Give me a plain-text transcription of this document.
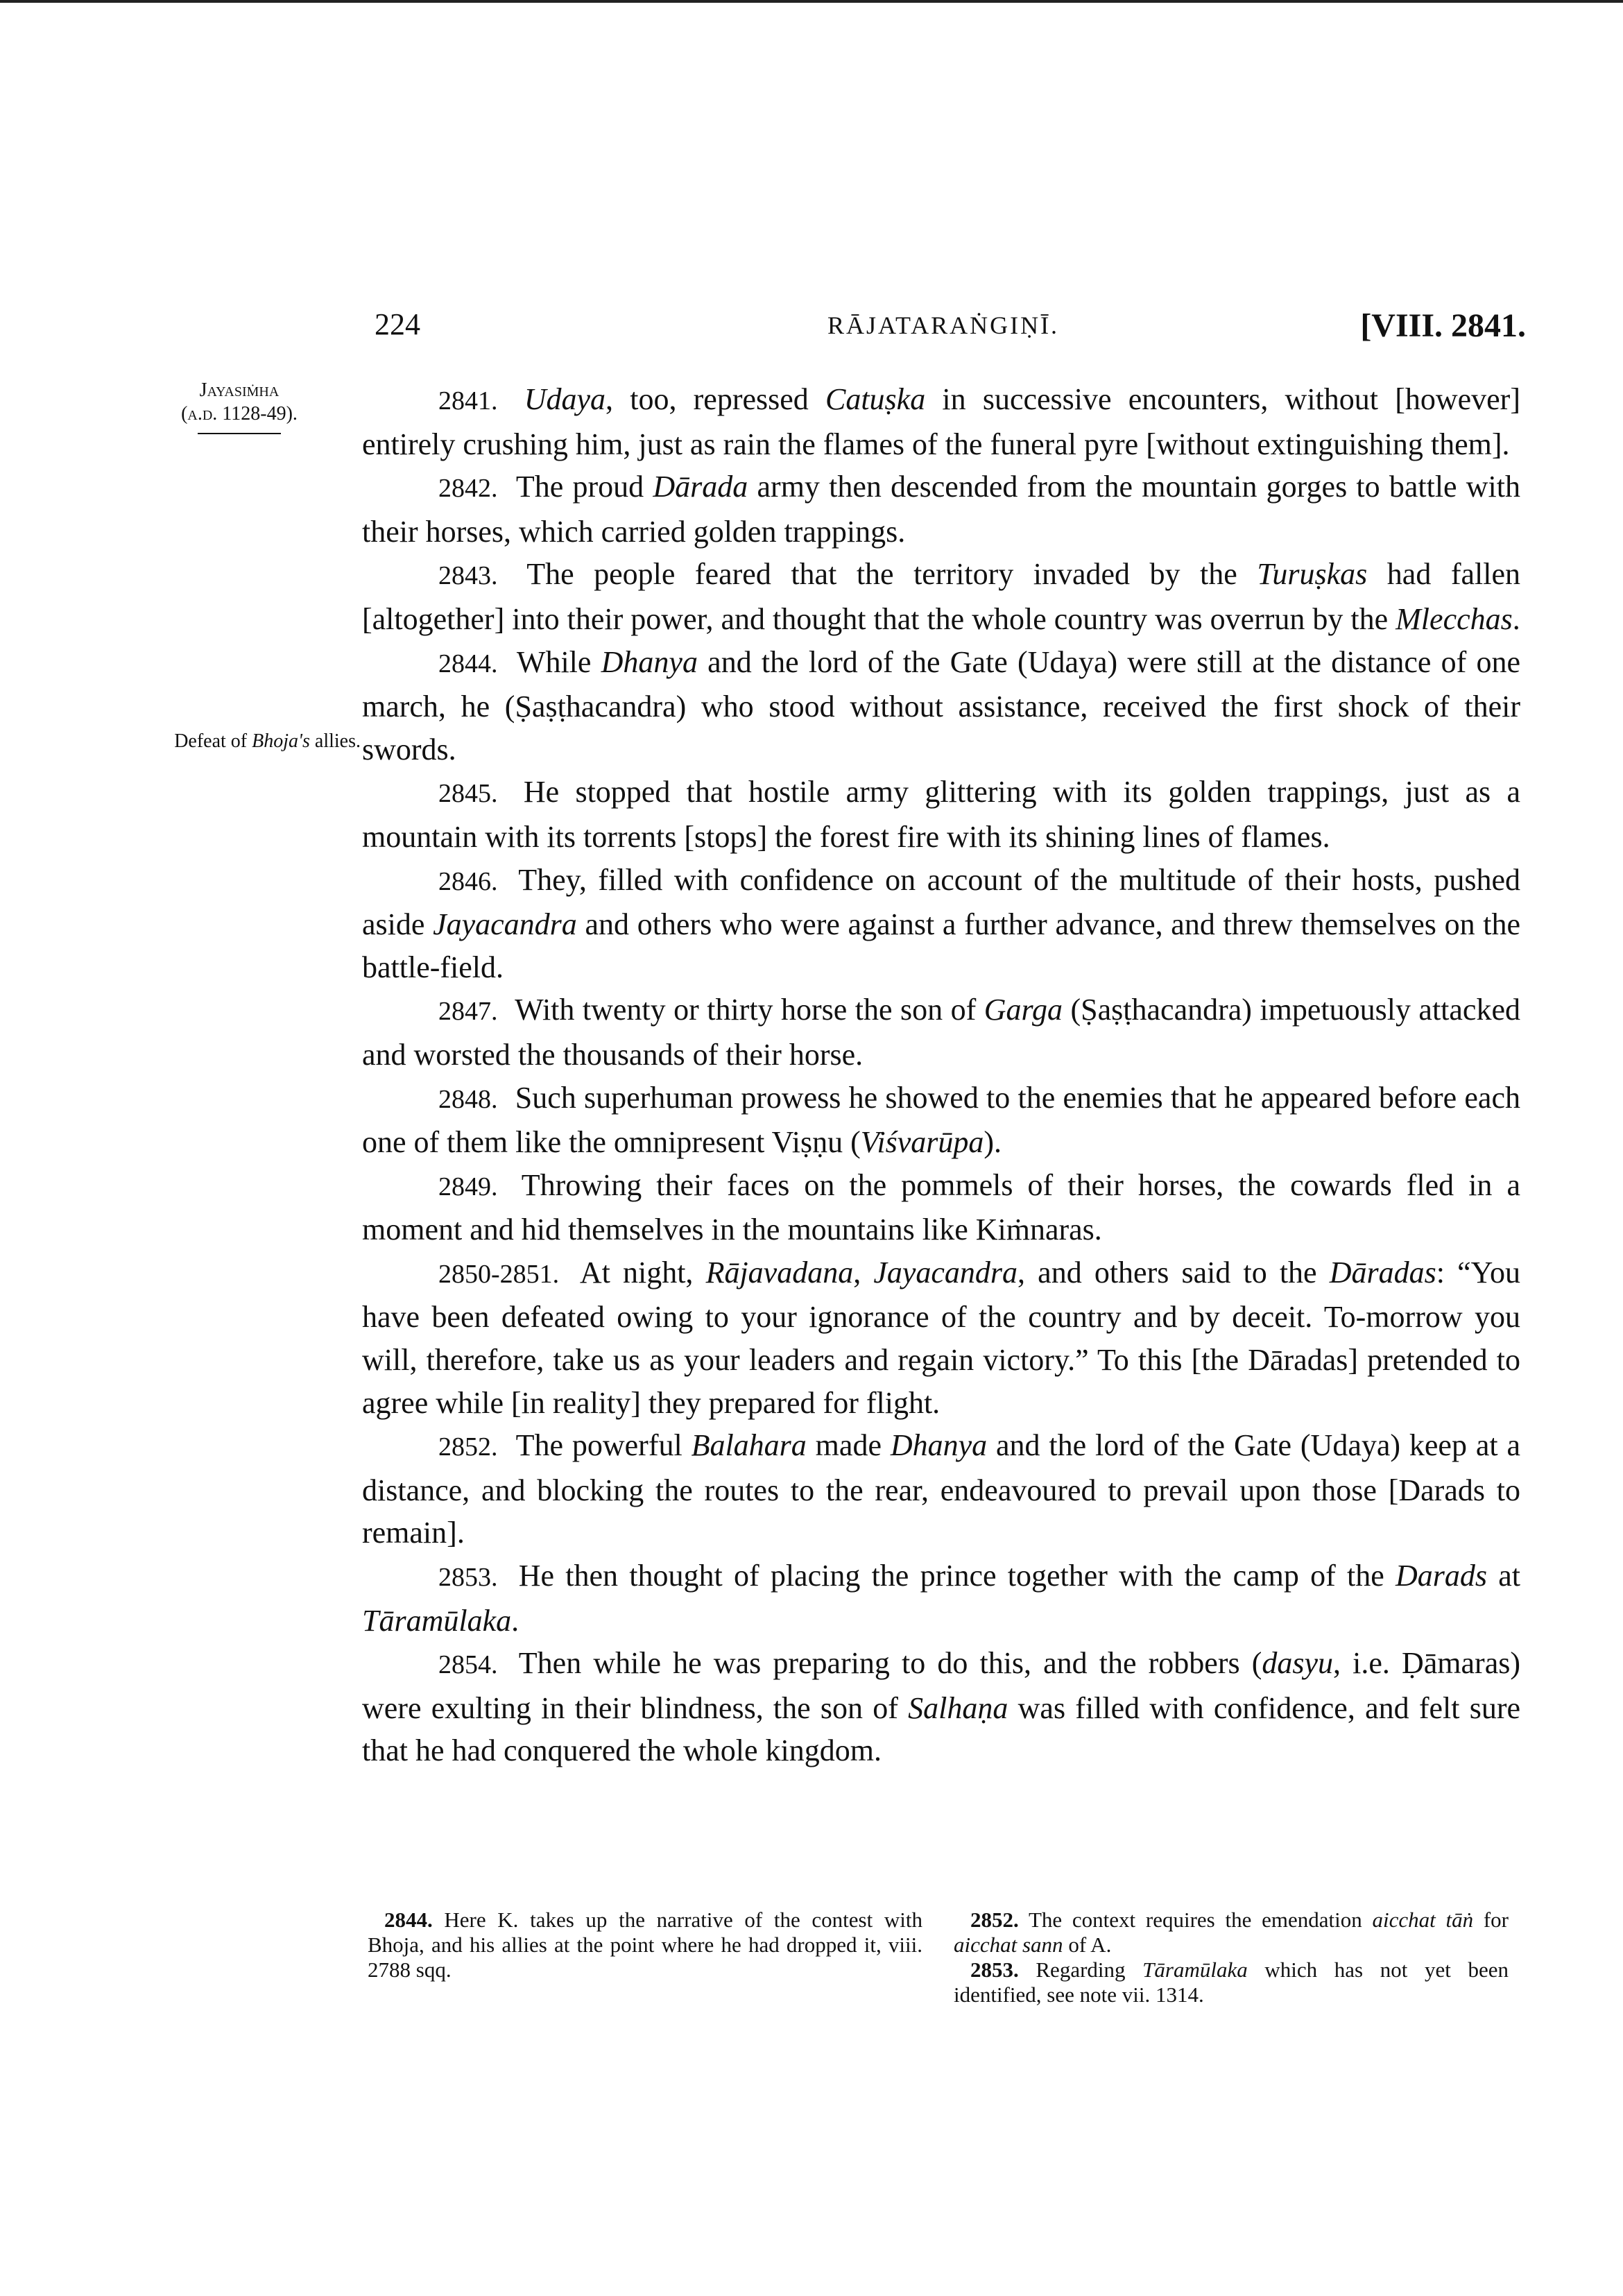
224	RĀJATARAṄGIṆĪ.	[VIII. 2841.
Jayasiṁha
(a.d. 1128-49).
Defeat of Bhoja's allies.

2841. Udaya, too, repressed Catuṣka in successive encounters, without [however] entirely crushing him, just as rain the flames of the funeral pyre [without extinguishing them].

2842. The proud Dārada army then descended from the mountain gorges to battle with their horses, which carried golden trappings.

2843. The people feared that the territory invaded by the Turuṣkas had fallen [altogether] into their power, and thought that the whole country was overrun by the Mlecchas.

2844. While Dhanya and the lord of the Gate (Udaya) were still at the distance of one march, he (Ṣaṣṭhacandra) who stood without assistance, received the first shock of their swords.

2845. He stopped that hostile army glittering with its golden trappings, just as a mountain with its torrents [stops] the forest fire with its shining lines of flames.

2846. They, filled with confidence on account of the multitude of their hosts, pushed aside Jayacandra and others who were against a further advance, and threw themselves on the battle-field.

2847. With twenty or thirty horse the son of Garga (Ṣaṣṭhacandra) impetuously attacked and worsted the thousands of their horse.

2848. Such superhuman prowess he showed to the enemies that he appeared before each one of them like the omnipresent Viṣṇu (Viśvarūpa).

2849. Throwing their faces on the pommels of their horses, the cowards fled in a moment and hid themselves in the mountains like Kiṁnaras.

2850-2851. At night, Rājavadana, Jayacandra, and others said to the Dāradas: “You have been defeated owing to your ignorance of the country and by deceit. To-morrow you will, therefore, take us as your leaders and regain victory.” To this [the Dāradas] pretended to agree while [in reality] they prepared for flight.

2852. The powerful Balahara made Dhanya and the lord of the Gate (Udaya) keep at a distance, and blocking the routes to the rear, endeavoured to prevail upon those [Darads to remain].

2853. He then thought of placing the prince together with the camp of the Darads at Tāramūlaka.

2854. Then while he was preparing to do this, and the robbers (dasyu, i.e. Ḍāmaras) were exulting in their blindness, the son of Salhaṇa was filled with confidence, and felt sure that he had conquered the whole kingdom.

2844. Here K. takes up the narrative of the contest with Bhoja, and his allies at the point where he had dropped it, viii. 2788 sqq.

2852. The context requires the emendation aicchat tāṅ for aicchat sann of A.

2853. Regarding Tāramūlaka which has not yet been identified, see note vii. 1314.
